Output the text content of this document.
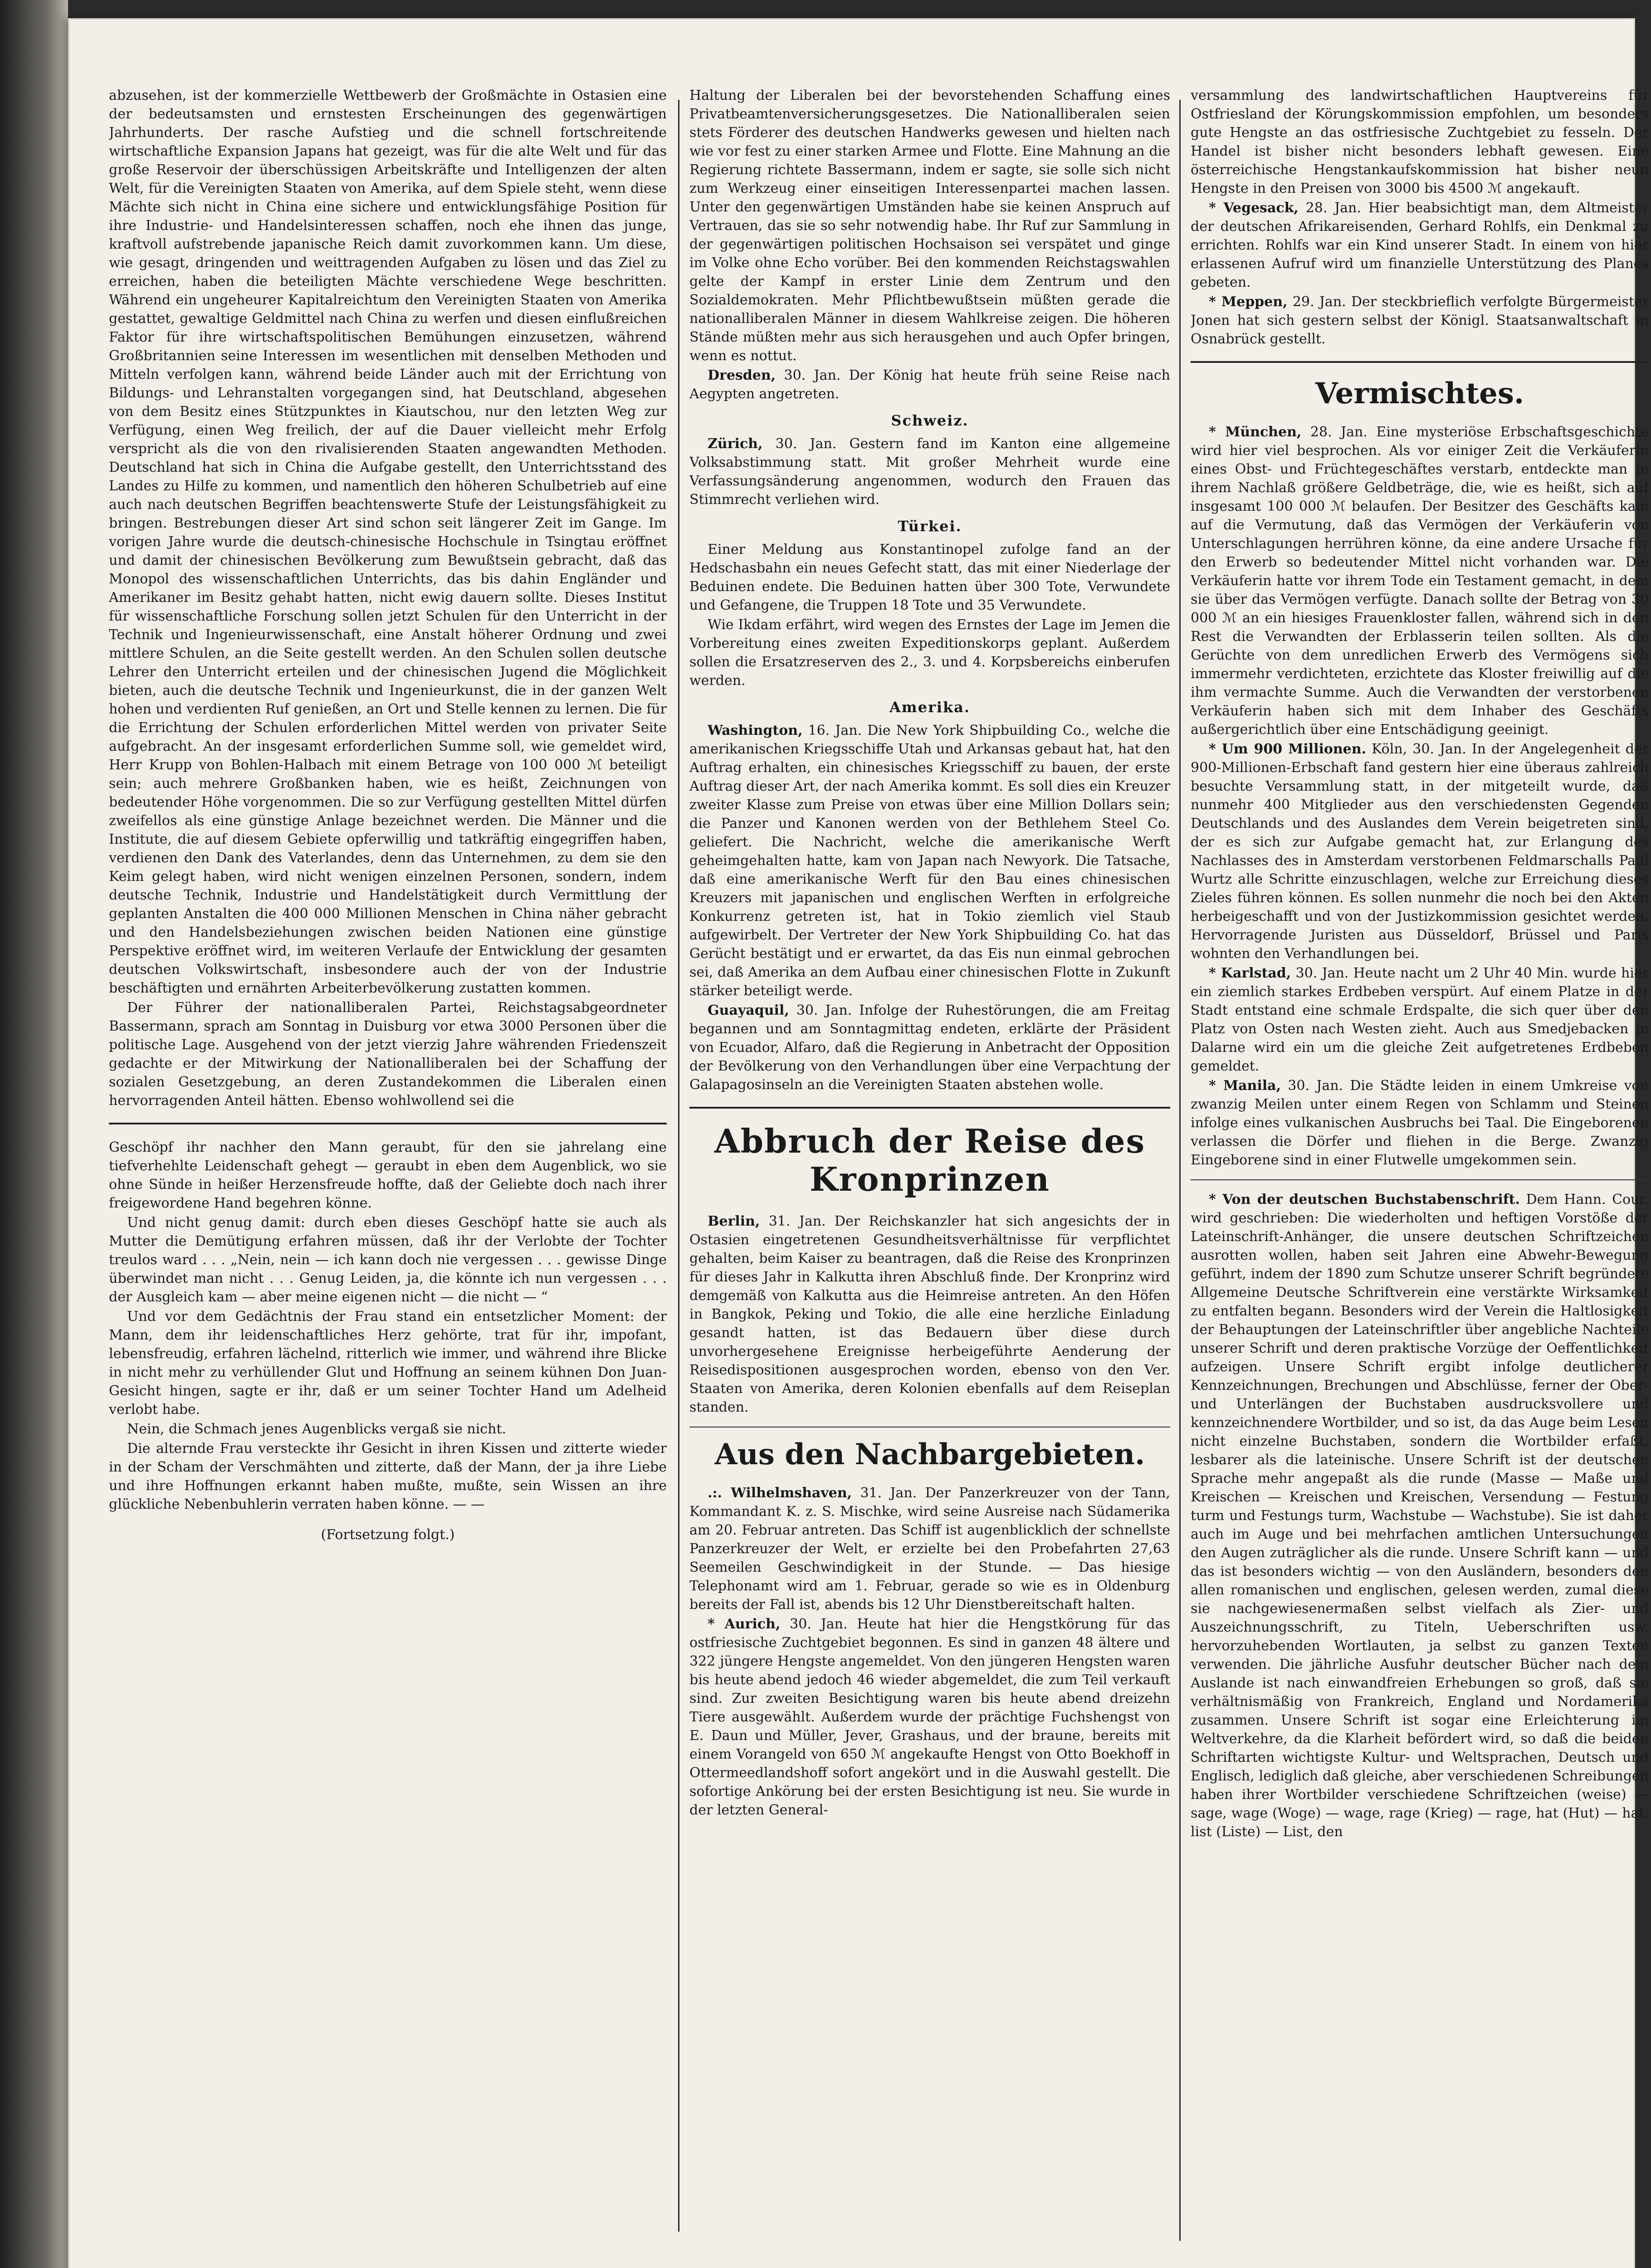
abzusehen, ist der kommerzielle Wettbewerb der Großmächte in Ostasien eine der bedeutsamsten und ernstesten Erscheinungen des gegenwärtigen Jahrhunderts. Der rasche Aufstieg und die schnell fortschreitende wirtschaftliche Expansion Japans hat gezeigt, was für die alte Welt und für das große Reservoir der überschüssigen Arbeitskräfte und Intelligenzen der alten Welt, für die Vereinigten Staaten von Amerika, auf dem Spiele steht, wenn diese Mächte sich nicht in China eine sichere und entwicklungsfähige Position für ihre Industrie- und Handelsinteressen schaffen, noch ehe ihnen das junge, kraftvoll aufstrebende japanische Reich damit zuvorkommen kann. Um diese, wie gesagt, dringenden und weittragenden Aufgaben zu lösen und das Ziel zu erreichen, haben die beteiligten Mächte verschiedene Wege beschritten. Während ein ungeheurer Kapitalreichtum den Vereinigten Staaten von Amerika gestattet, gewaltige Geldmittel nach China zu werfen und diesen einflußreichen Faktor für ihre wirtschaftspolitischen Bemühungen einzusetzen, während Großbritannien seine Interessen im wesentlichen mit denselben Methoden und Mitteln verfolgen kann, während beide Länder auch mit der Errichtung von Bildungs- und Lehranstalten vorgegangen sind, hat Deutschland, abgesehen von dem Besitz eines Stützpunktes in Kiautschou, nur den letzten Weg zur Verfügung, einen Weg freilich, der auf die Dauer vielleicht mehr Erfolg verspricht als die von den rivalisierenden Staaten angewandten Methoden. Deutschland hat sich in China die Aufgabe gestellt, den Unterrichtsstand des Landes zu Hilfe zu kommen, und namentlich den höheren Schulbetrieb auf eine auch nach deutschen Begriffen beachtenswerte Stufe der Leistungsfähigkeit zu bringen. Bestrebungen dieser Art sind schon seit längerer Zeit im Gange. Im vorigen Jahre wurde die deutsch-chinesische Hochschule in Tsingtau eröffnet und damit der chinesischen Bevölkerung zum Bewußtsein gebracht, daß das Monopol des wissenschaftlichen Unterrichts, das bis dahin Engländer und Amerikaner im Besitz gehabt hatten, nicht ewig dauern sollte. Dieses Institut für wissenschaftliche Forschung sollen jetzt Schulen für den Unterricht in der Technik und Ingenieurwissenschaft, eine Anstalt höherer Ordnung und zwei mittlere Schulen, an die Seite gestellt werden. An den Schulen sollen deutsche Lehrer den Unterricht erteilen und der chinesischen Jugend die Möglichkeit bieten, auch die deutsche Technik und Ingenieurkunst, die in der ganzen Welt hohen und verdienten Ruf genießen, an Ort und Stelle kennen zu lernen. Die für die Errichtung der Schulen erforderlichen Mittel werden von privater Seite aufgebracht. An der insgesamt erforderlichen Summe soll, wie gemeldet wird, Herr Krupp von Bohlen-Halbach mit einem Betrage von 100 000 ℳ beteiligt sein; auch mehrere Großbanken haben, wie es heißt, Zeichnungen von bedeutender Höhe vorgenommen. Die so zur Verfügung gestellten Mittel dürfen zweifellos als eine günstige Anlage bezeichnet werden. Die Männer und die Institute, die auf diesem Gebiete opferwillig und tatkräftig eingegriffen haben, verdienen den Dank des Vaterlandes, denn das Unternehmen, zu dem sie den Keim gelegt haben, wird nicht wenigen einzelnen Personen, sondern, indem deutsche Technik, Industrie und Handelstätigkeit durch Vermittlung der geplanten Anstalten die 400 000 Millionen Menschen in China näher gebracht und den Handelsbeziehungen zwischen beiden Nationen eine günstige Perspektive eröffnet wird, im weiteren Verlaufe der Entwicklung der gesamten deutschen Volkswirtschaft, insbesondere auch der von der Industrie beschäftigten und ernährten Arbeiterbevölkerung zustatten kommen.

Der Führer der nationalliberalen Partei, Reichstagsabgeordneter Bassermann, sprach am Sonntag in Duisburg vor etwa 3000 Personen über die politische Lage. Ausgehend von der jetzt vierzig Jahre währenden Friedenszeit gedachte er der Mitwirkung der Nationalliberalen bei der Schaffung der sozialen Gesetzgebung, an deren Zustandekommen die Liberalen einen hervorragenden Anteil hätten. Ebenso wohlwollend sei die

Geschöpf ihr nachher den Mann geraubt, für den sie jahrelang eine tiefverhehlte Leidenschaft gehegt — geraubt in eben dem Augenblick, wo sie ohne Sünde in heißer Herzensfreude hoffte, daß der Geliebte doch nach ihrer freigewordene Hand begehren könne.

Und nicht genug damit: durch eben dieses Geschöpf hatte sie auch als Mutter die Demütigung erfahren müssen, daß ihr der Verlobte der Tochter treulos ward . . . „Nein, nein — ich kann doch nie vergessen . . . gewisse Dinge überwindet man nicht . . . Genug Leiden, ja, die könnte ich nun vergessen . . . der Ausgleich kam — aber meine eigenen nicht — die nicht — “

Und vor dem Gedächtnis der Frau stand ein entsetzlicher Moment: der Mann, dem ihr leidenschaftliches Herz gehörte, trat für ihr, impofant, lebensfreudig, erfahren lächelnd, ritterlich wie immer, und während ihre Blicke in nicht mehr zu verhüllender Glut und Hoffnung an seinem kühnen Don Juan-Gesicht hingen, sagte er ihr, daß er um seiner Tochter Hand um Adelheid verlobt habe.

Nein, die Schmach jenes Augenblicks vergaß sie nicht.

Die alternde Frau versteckte ihr Gesicht in ihren Kissen und zitterte wieder in der Scham der Verschmähten und zitterte, daß der Mann, der ja ihre Liebe und ihre Hoffnungen erkannt haben mußte, mußte, sein Wissen an ihre glückliche Nebenbuhlerin verraten haben könne. — —

(Fortsetzung folgt.)

Haltung der Liberalen bei der bevorstehenden Schaffung eines Privatbeamtenversicherungsgesetzes. Die Nationalliberalen seien stets Förderer des deutschen Handwerks gewesen und hielten nach wie vor fest zu einer starken Armee und Flotte. Eine Mahnung an die Regierung richtete Bassermann, indem er sagte, sie solle sich nicht zum Werkzeug einer einseitigen Interessenpartei machen lassen. Unter den gegenwärtigen Umständen habe sie keinen Anspruch auf Vertrauen, das sie so sehr notwendig habe. Ihr Ruf zur Sammlung in der gegenwärtigen politischen Hochsaison sei verspätet und ginge im Volke ohne Echo vorüber. Bei den kommenden Reichstagswahlen gelte der Kampf in erster Linie dem Zentrum und den Sozialdemokraten. Mehr Pflichtbewußtsein müßten gerade die nationalliberalen Männer in diesem Wahlkreise zeigen. Die höheren Stände müßten mehr aus sich herausgehen und auch Opfer bringen, wenn es nottut.

Dresden, 30. Jan. Der König hat heute früh seine Reise nach Aegypten angetreten.

Schweiz.

Zürich, 30. Jan. Gestern fand im Kanton eine allgemeine Volksabstimmung statt. Mit großer Mehrheit wurde eine Verfassungsänderung angenommen, wodurch den Frauen das Stimmrecht verliehen wird.

Türkei.

Einer Meldung aus Konstantinopel zufolge fand an der Hedschasbahn ein neues Gefecht statt, das mit einer Niederlage der Beduinen endete. Die Beduinen hatten über 300 Tote, Verwundete und Gefangene, die Truppen 18 Tote und 35 Verwundete.

Wie Ikdam erfährt, wird wegen des Ernstes der Lage im Jemen die Vorbereitung eines zweiten Expeditionskorps geplant. Außerdem sollen die Ersatzreserven des 2., 3. und 4. Korpsbereichs einberufen werden.

Amerika.

Washington, 16. Jan. Die New York Shipbuilding Co., welche die amerikanischen Kriegsschiffe Utah und Arkansas gebaut hat, hat den Auftrag erhalten, ein chinesisches Kriegsschiff zu bauen, der erste Auftrag dieser Art, der nach Amerika kommt. Es soll dies ein Kreuzer zweiter Klasse zum Preise von etwas über eine Million Dollars sein; die Panzer und Kanonen werden von der Bethlehem Steel Co. geliefert. Die Nachricht, welche die amerikanische Werft geheimgehalten hatte, kam von Japan nach Newyork. Die Tatsache, daß eine amerikanische Werft für den Bau eines chinesischen Kreuzers mit japanischen und englischen Werften in erfolgreiche Konkurrenz getreten ist, hat in Tokio ziemlich viel Staub aufgewirbelt. Der Vertreter der New York Shipbuilding Co. hat das Gerücht bestätigt und er erwartet, da das Eis nun einmal gebrochen sei, daß Amerika an dem Aufbau einer chinesischen Flotte in Zukunft stärker beteiligt werde.

Guayaquil, 30. Jan. Infolge der Ruhestörungen, die am Freitag begannen und am Sonntagmittag endeten, erklärte der Präsident von Ecuador, Alfaro, daß die Regierung in Anbetracht der Opposition der Bevölkerung von den Verhandlungen über eine Verpachtung der Galapagosinseln an die Vereinigten Staaten abstehen wolle.

Abbruch der Reise des Kronprinzen

Berlin, 31. Jan. Der Reichskanzler hat sich angesichts der in Ostasien eingetretenen Gesundheitsverhältnisse für verpflichtet gehalten, beim Kaiser zu beantragen, daß die Reise des Kronprinzen für dieses Jahr in Kalkutta ihren Abschluß finde. Der Kronprinz wird demgemäß von Kalkutta aus die Heimreise antreten. An den Höfen in Bangkok, Peking und Tokio, die alle eine herzliche Einladung gesandt hatten, ist das Bedauern über diese durch unvorhergesehene Ereignisse herbeigeführte Aenderung der Reisedispositionen ausgesprochen worden, ebenso von den Ver. Staaten von Amerika, deren Kolonien ebenfalls auf dem Reiseplan standen.

Aus den Nachbargebieten.

.:. Wilhelmshaven, 31. Jan. Der Panzerkreuzer von der Tann, Kommandant K. z. S. Mischke, wird seine Ausreise nach Südamerika am 20. Februar antreten. Das Schiff ist augenblicklich der schnellste Panzerkreuzer der Welt, er erzielte bei den Probefahrten 27,63 Seemeilen Geschwindigkeit in der Stunde. — Das hiesige Telephonamt wird am 1. Februar, gerade so wie es in Oldenburg bereits der Fall ist, abends bis 12 Uhr Dienstbereitschaft halten.

* Aurich, 30. Jan. Heute hat hier die Hengstkörung für das ostfriesische Zuchtgebiet begonnen. Es sind in ganzen 48 ältere und 322 jüngere Hengste angemeldet. Von den jüngeren Hengsten waren bis heute abend jedoch 46 wieder abgemeldet, die zum Teil verkauft sind. Zur zweiten Besichtigung waren bis heute abend dreizehn Tiere ausgewählt. Außerdem wurde der prächtige Fuchshengst von E. Daun und Müller, Jever, Grashaus, und der braune, bereits mit einem Vorangeld von 650 ℳ angekaufte Hengst von Otto Boekhoff in Ottermeedlandshoff sofort angekört und in die Auswahl gestellt. Die sofortige Ankörung bei der ersten Besichtigung ist neu. Sie wurde in der letzten General-

versammlung des landwirtschaftlichen Hauptvereins für Ostfriesland der Körungskommission empfohlen, um besonders gute Hengste an das ostfriesische Zuchtgebiet zu fesseln. Der Handel ist bisher nicht besonders lebhaft gewesen. Eine österreichische Hengstankaufskommission hat bisher neun Hengste in den Preisen von 3000 bis 4500 ℳ angekauft.

* Vegesack, 28. Jan. Hier beabsichtigt man, dem Altmeister der deutschen Afrikareisenden, Gerhard Rohlfs, ein Denkmal zu errichten. Rohlfs war ein Kind unserer Stadt. In einem von hier erlassenen Aufruf wird um finanzielle Unterstützung des Planes gebeten.

* Meppen, 29. Jan. Der steckbrieflich verfolgte Bürgermeister Jonen hat sich gestern selbst der Königl. Staatsanwaltschaft in Osnabrück gestellt.

Vermischtes.

* München, 28. Jan. Eine mysteriöse Erbschaftsgeschichte wird hier viel besprochen. Als vor einiger Zeit die Verkäuferin eines Obst- und Früchtegeschäftes verstarb, entdeckte man in ihrem Nachlaß größere Geldbeträge, die, wie es heißt, sich auf insgesamt 100 000 ℳ belaufen. Der Besitzer des Geschäfts kam auf die Vermutung, daß das Vermögen der Verkäuferin von Unterschlagungen herrühren könne, da eine andere Ursache für den Erwerb so bedeutender Mittel nicht vorhanden war. Die Verkäuferin hatte vor ihrem Tode ein Testament gemacht, in dem sie über das Vermögen verfügte. Danach sollte der Betrag von 30 000 ℳ an ein hiesiges Frauenkloster fallen, während sich in den Rest die Verwandten der Erblasserin teilen sollten. Als die Gerüchte von dem unredlichen Erwerb des Vermögens sich immermehr verdichteten, erzichtete das Kloster freiwillig auf die ihm vermachte Summe. Auch die Verwandten der verstorbenen Verkäuferin haben sich mit dem Inhaber des Geschäfts außergerichtlich über eine Entschädigung geeinigt.

* Um 900 Millionen. Köln, 30. Jan. In der Angelegenheit der 900-Millionen-Erbschaft fand gestern hier eine überaus zahlreich besuchte Versammlung statt, in der mitgeteilt wurde, daß nunmehr 400 Mitglieder aus den verschiedensten Gegenden Deutschlands und des Auslandes dem Verein beigetreten sind, der es sich zur Aufgabe gemacht hat, zur Erlangung des Nachlasses des in Amsterdam verstorbenen Feldmarschalls Paul Wurtz alle Schritte einzuschlagen, welche zur Erreichung dieses Zieles führen können. Es sollen nunmehr die noch bei den Akten herbeigeschafft und von der Justizkommission gesichtet werden. Hervorragende Juristen aus Düsseldorf, Brüssel und Paris wohnten den Verhandlungen bei.

* Karlstad, 30. Jan. Heute nacht um 2 Uhr 40 Min. wurde hier ein ziemlich starkes Erdbeben verspürt. Auf einem Platze in der Stadt entstand eine schmale Erdspalte, die sich quer über den Platz von Osten nach Westen zieht. Auch aus Smedjebacken in Dalarne wird ein um die gleiche Zeit aufgetretenes Erdbeben gemeldet.

* Manila, 30. Jan. Die Städte leiden in einem Umkreise von zwanzig Meilen unter einem Regen von Schlamm und Steinen infolge eines vulkanischen Ausbruchs bei Taal. Die Eingeborenen verlassen die Dörfer und fliehen in die Berge. Zwanzig Eingeborene sind in einer Flutwelle umgekommen sein.

* Von der deutschen Buchstabenschrift. Dem Hann. Cour. wird geschrieben: Die wiederholten und heftigen Vorstöße der Lateinschrift-Anhänger, die unsere deutschen Schriftzeichen ausrotten wollen, haben seit Jahren eine Abwehr-Bewegung geführt, indem der 1890 zum Schutze unserer Schrift begründete Allgemeine Deutsche Schriftverein eine verstärkte Wirksamkeit zu entfalten begann. Besonders wird der Verein die Haltlosigkeit der Behauptungen der Lateinschriftler über angebliche Nachteile unserer Schrift und deren praktische Vorzüge der Oeffentlichkeit aufzeigen. Unsere Schrift ergibt infolge deutlicherer Kennzeichnungen, Brechungen und Abschlüsse, ferner der Ober- und Unterlängen der Buchstaben ausdrucksvollere und kennzeichnendere Wortbilder, und so ist, da das Auge beim Lesen nicht einzelne Buchstaben, sondern die Wortbilder erfaßt, lesbarer als die lateinische. Unsere Schrift ist der deutschen Sprache mehr angepaßt als die runde (Masse — Maße und Kreischen — Kreischen und Kreischen, Versendung — Festung turm und Festungs turm, Wachstube — Wachstube). Sie ist daher auch im Auge und bei mehrfachen amtlichen Untersuchungen den Augen zuträglicher als die runde. Unsere Schrift kann — und das ist besonders wichtig — von den Ausländern, besonders den allen romanischen und englischen, gelesen werden, zumal diese sie nachgewiesenermaßen selbst vielfach als Zier- und Auszeichnungsschrift, zu Titeln, Ueberschriften usw. hervorzuhebenden Wortlauten, ja selbst zu ganzen Texten verwenden. Die jährliche Ausfuhr deutscher Bücher nach dem Auslande ist nach einwandfreien Erhebungen so groß, daß sie verhältnismäßig von Frankreich, England und Nordamerika zusammen. Unsere Schrift ist sogar eine Erleichterung im Weltverkehre, da die Klarheit befördert wird, so daß die beiden Schriftarten wichtigste Kultur- und Weltsprachen, Deutsch und Englisch, lediglich daß gleiche, aber verschiedenen Schreibungen haben ihrer Wortbilder verschiedene Schriftzeichen (weise) — sage, wage (Woge) — wage, rage (Krieg) — rage, hat (Hut) — hat, list (Liste) — List, den
